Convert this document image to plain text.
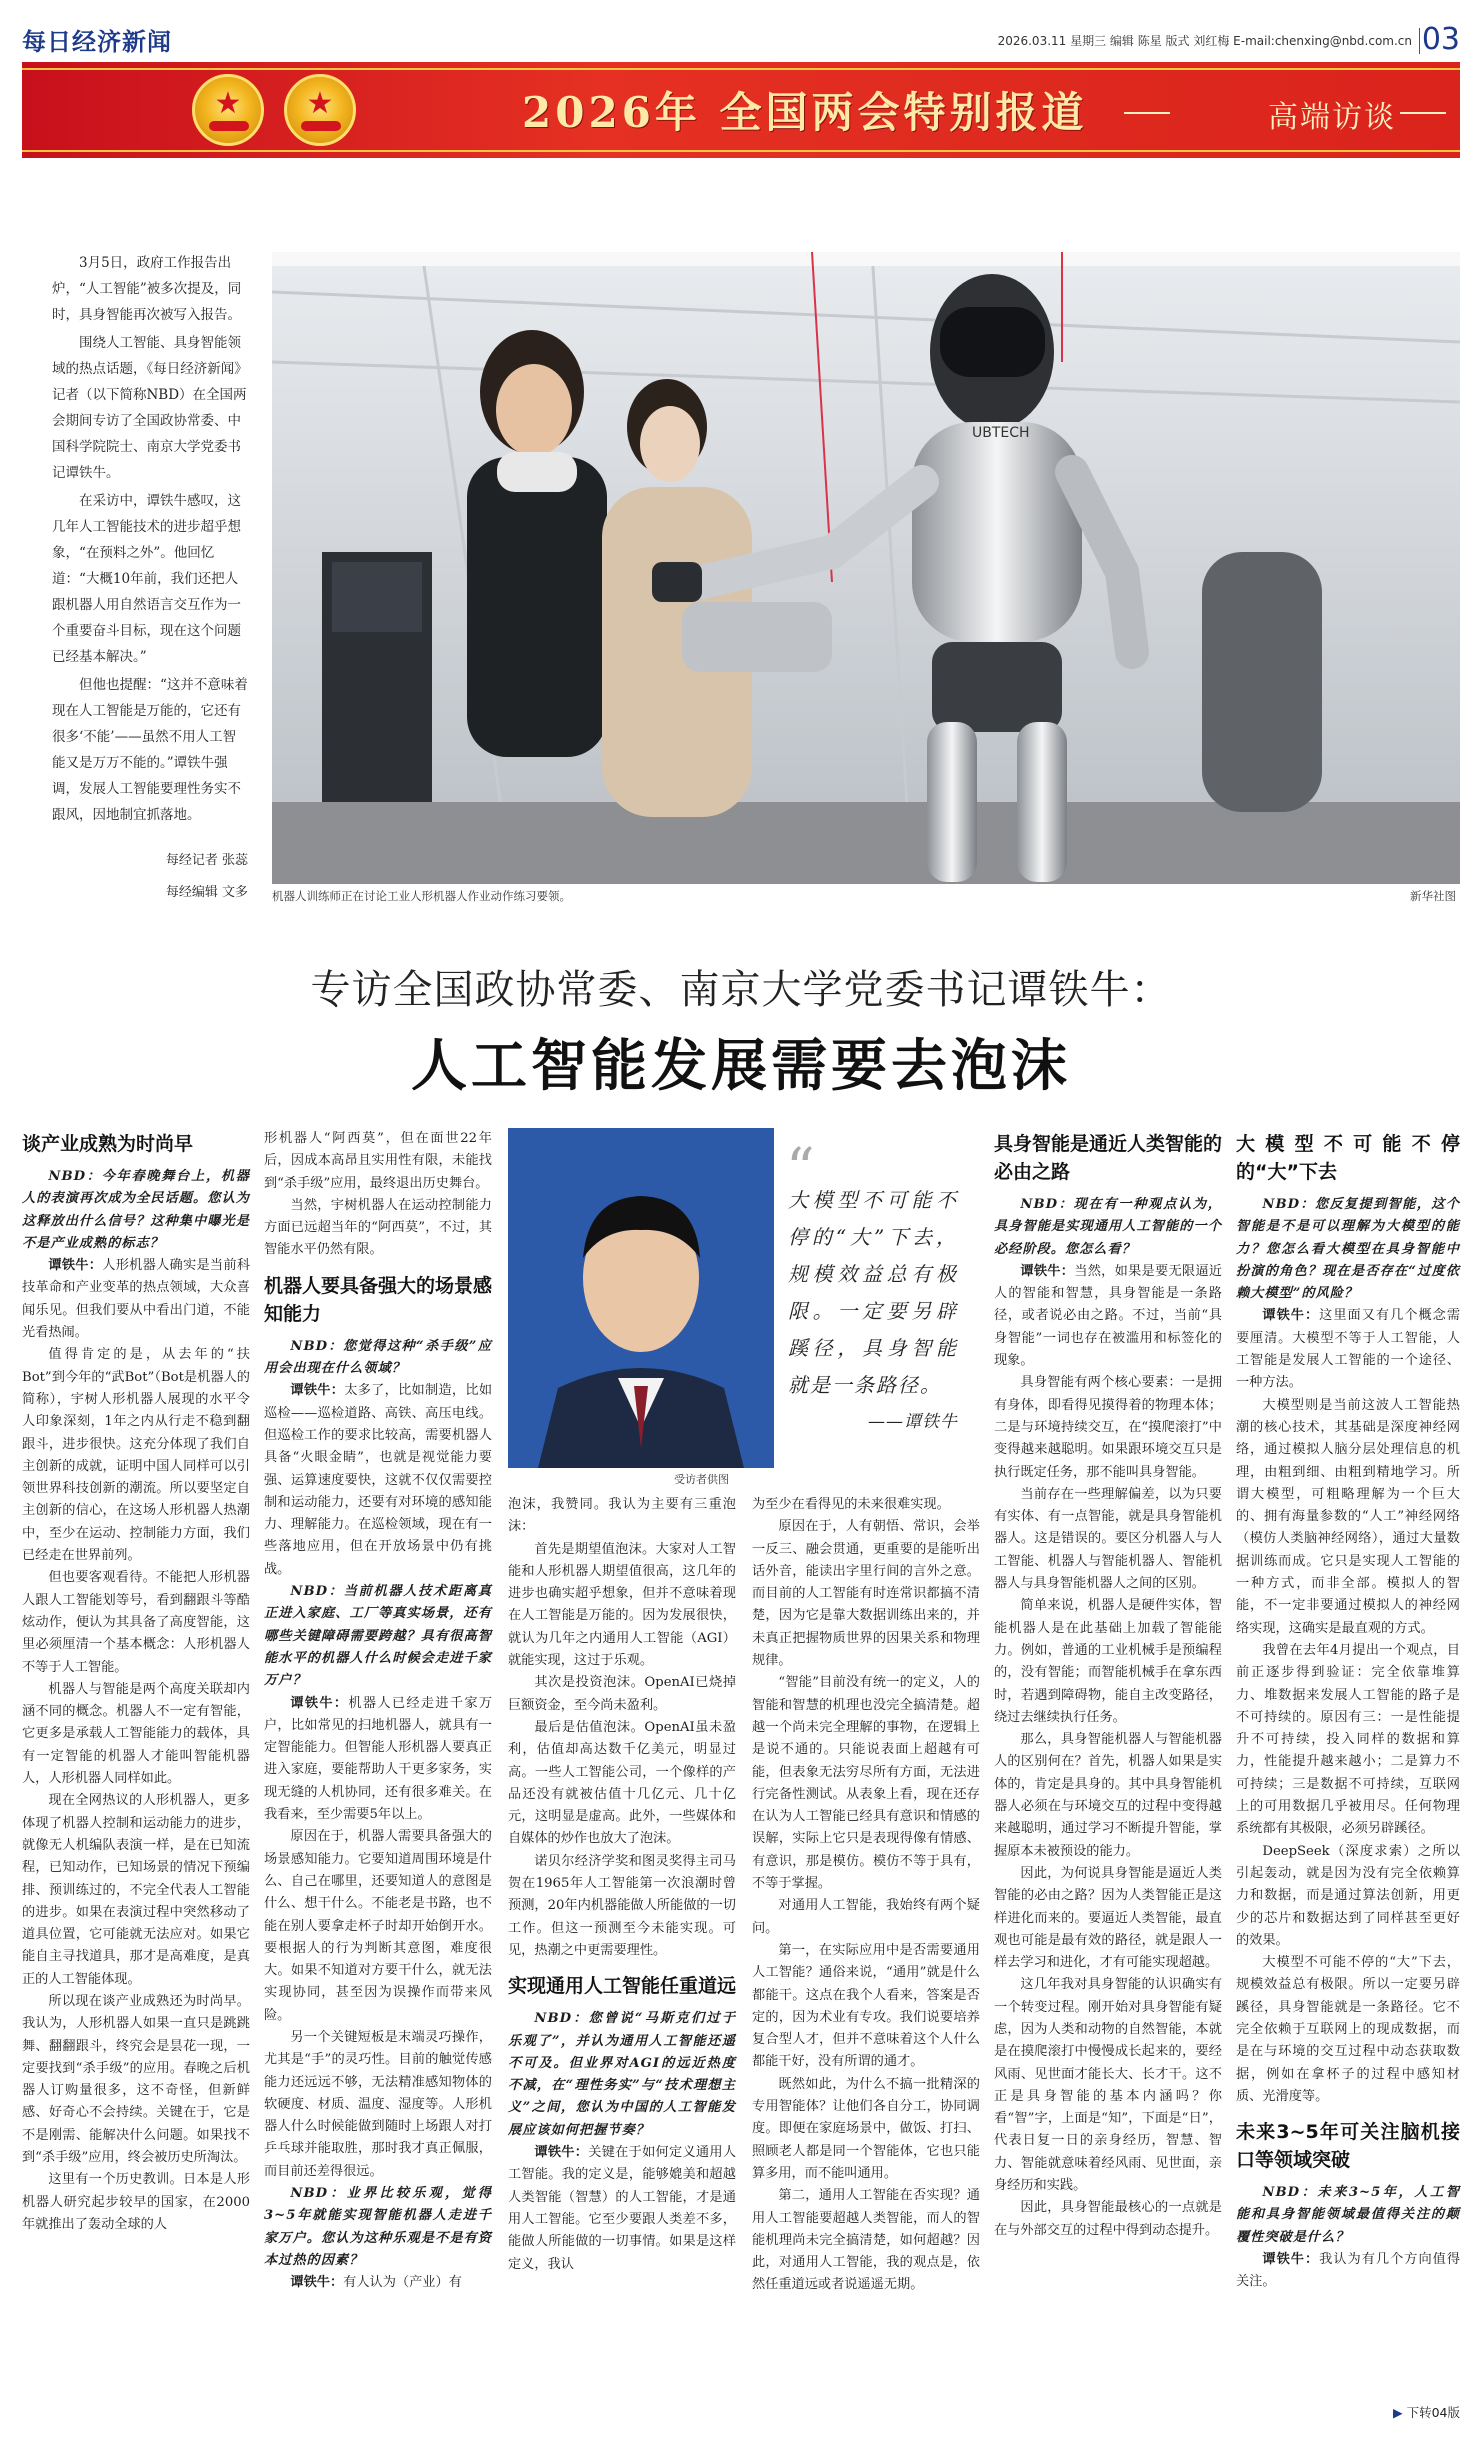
每日经济新闻	2026.03.11 星期三 编辑 陈星 版式 刘红梅 E-mail:chenxing@nbd.com.cn 03
★	★	2026年 全国两会特别报道	高端访谈

3月5日，政府工作报告出炉，“人工智能”被多次提及，同时，具身智能再次被写入报告。

围绕人工智能、具身智能领域的热点话题，《每日经济新闻》记者（以下简称NBD）在全国两会期间专访了全国政协常委、中国科学院院士、南京大学党委书记谭铁牛。

在采访中，谭铁牛感叹，这几年人工智能技术的进步超乎想象，“在预料之外”。他回忆道：“大概10年前，我们还把人跟机器人用自然语言交互作为一个重要奋斗目标，现在这个问题已经基本解决。”

但他也提醒：“这并不意味着现在人工智能是万能的，它还有很多‘不能’——虽然不用人工智能又是万万不能的。”谭铁牛强调，发展人工智能要理性务实不跟风，因地制宜抓落地。

每经记者 张蕊

每经编辑 文多

UBTECH
机器人训练师正在讨论工业人形机器人作业动作练习要领。	新华社图
专访全国政协常委、南京大学党委书记谭铁牛：
人工智能发展需要去泡沫
谈产业成熟为时尚早

NBD：今年春晚舞台上，机器人的表演再次成为全民话题。您认为这释放出什么信号？这种集中曝光是不是产业成熟的标志？

谭铁牛：人形机器人确实是当前科技革命和产业变革的热点领域，大众喜闻乐见。但我们要从中看出门道，不能光看热闹。

值得肯定的是，从去年的“扶Bot”到今年的“武Bot”（Bot是机器人的简称），宇树人形机器人展现的水平令人印象深刻，1年之内从行走不稳到翻跟斗，进步很快。这充分体现了我们自主创新的成就，证明中国人同样可以引领世界科技创新的潮流。所以要坚定自主创新的信心，在这场人形机器人热潮中，至少在运动、控制能力方面，我们已经走在世界前列。

但也要客观看待。不能把人形机器人跟人工智能划等号，看到翻跟斗等酷炫动作，便认为其具备了高度智能，这里必须厘清一个基本概念：人形机器人不等于人工智能。

机器人与智能是两个高度关联却内涵不同的概念。机器人不一定有智能，它更多是承载人工智能能力的载体，具有一定智能的机器人才能叫智能机器人，人形机器人同样如此。

现在全网热议的人形机器人，更多体现了机器人控制和运动能力的进步，就像无人机编队表演一样，是在已知流程，已知动作，已知场景的情况下预编排、预训练过的，不完全代表人工智能的进步。如果在表演过程中突然移动了道具位置，它可能就无法应对。如果它能自主寻找道具，那才是高难度，是真正的人工智能体现。

所以现在谈产业成熟还为时尚早。我认为，人形机器人如果一直只是跳跳舞、翻翻跟斗，终究会是昙花一现，一定要找到“杀手级”的应用。春晚之后机器人订购量很多，这不奇怪，但新鲜感、好奇心不会持续。关键在于，它是不是刚需、能解决什么问题。如果找不到“杀手级”应用，终会被历史所淘汰。

这里有一个历史教训。日本是人形机器人研究起步较早的国家，在2000年就推出了轰动全球的人

形机器人“阿西莫”，但在面世22年后，因成本高昂且实用性有限，未能找到“杀手级”应用，最终退出历史舞台。

当然，宇树机器人在运动控制能力方面已远超当年的“阿西莫”，不过，其智能水平仍然有限。

机器人要具备强大的场景感知能力

NBD：您觉得这种“杀手级”应用会出现在什么领域？

谭铁牛：太多了，比如制造，比如巡检——巡检道路、高铁、高压电线。但巡检工作的要求比较高，需要机器人具备“火眼金睛”，也就是视觉能力要强、运算速度要快，这就不仅仅需要控制和运动能力，还要有对环境的感知能力、理解能力。在巡检领域，现在有一些落地应用，但在开放场景中仍有挑战。

NBD：当前机器人技术距离真正进入家庭、工厂等真实场景，还有哪些关键障碍需要跨越？具有很高智能水平的机器人什么时候会走进千家万户？

谭铁牛：机器人已经走进千家万户，比如常见的扫地机器人，就具有一定智能能力。但智能人形机器人要真正进入家庭，要能帮助人干更多家务，实现无缝的人机协同，还有很多难关。在我看来，至少需要5年以上。

原因在于，机器人需要具备强大的场景感知能力。它要知道周围环境是什么、自己在哪里，还要知道人的意图是什么、想干什么。不能老是书路，也不能在别人要拿走杯子时却开始倒开水。要根据人的行为判断其意图，难度很大。如果不知道对方要干什么，就无法实现协同，甚至因为误操作而带来风险。

另一个关键短板是末端灵巧操作，尤其是“手”的灵巧性。目前的触觉传感能力还远远不够，无法精准感知物体的软硬度、材质、温度、湿度等。人形机器人什么时候能做到随时上场跟人对打乒乓球并能取胜，那时我才真正佩服，而目前还差得很远。

NBD：业界比较乐观，觉得3~5年就能实现智能机器人走进千家万户。您认为这种乐观是不是有资本过热的因素？

谭铁牛：有人认为（产业）有

受访者供图
“
大模型不可能不停的“大”下去，规模效益总有极限。一定要另辟蹊径，具身智能就是一条路径。
——谭铁牛

泡沫，我赞同。我认为主要有三重泡沫：

首先是期望值泡沫。大家对人工智能和人形机器人期望值很高，这几年的进步也确实超乎想象，但并不意味着现在人工智能是万能的。因为发展很快，就认为几年之内通用人工智能（AGI）就能实现，这过于乐观。

其次是投资泡沫。OpenAI已烧掉巨额资金，至今尚未盈利。

最后是估值泡沫。OpenAI虽未盈利，估值却高达数千亿美元，明显过高。一些人工智能公司，一个像样的产品还没有就被估值十几亿元、几十亿元，这明显是虚高。此外，一些媒体和自媒体的炒作也放大了泡沫。

诺贝尔经济学奖和图灵奖得主司马贺在1965年人工智能第一次浪潮时曾预测，20年内机器能做人所能做的一切工作。但这一预测至今未能实现。可见，热潮之中更需要理性。

实现通用人工智能任重道远

NBD：您曾说“马斯克们过于乐观了”，并认为通用人工智能还遥不可及。但业界对AGI的远近热度不减，在“理性务实”与“技术理想主义”之间，您认为中国的人工智能发展应该如何把握节奏？

谭铁牛：关键在于如何定义通用人工智能。我的定义是，能够媲美和超越人类智能（智慧）的人工智能，才是通用人工智能。它至少要跟人类差不多，能做人所能做的一切事情。如果是这样定义，我认

为至少在看得见的未来很难实现。

原因在于，人有朝悟、常识，会举一反三、融会贯通，更重要的是能听出话外音，能读出字里行间的言外之意。而目前的人工智能有时连常识都搞不清楚，因为它是靠大数据训练出来的，并未真正把握物质世界的因果关系和物理规律。

“智能”目前没有统一的定义，人的智能和智慧的机理也没完全搞清楚。超越一个尚未完全理解的事物，在逻辑上是说不通的。只能说表面上超越有可能，但表象无法穷尽所有方面，无法进行完备性测试。从表象上看，现在还存在认为人工智能已经具有意识和情感的误解，实际上它只是表现得像有情感、有意识，那是模仿。模仿不等于具有，不等于掌握。

对通用人工智能，我始终有两个疑问。

第一，在实际应用中是否需要通用人工智能？通俗来说，“通用”就是什么都能干。这点在我个人看来，答案是否定的，因为术业有专攻。我们说要培养复合型人才，但并不意味着这个人什么都能干好，没有所谓的通才。

既然如此，为什么不搞一批精深的专用智能体？让他们各自分工，协同调度。即便在家庭场景中，做饭、打扫、照顾老人都是同一个智能体，它也只能算多用，而不能叫通用。

第二，通用人工智能在否实现？通用人工智能要超越人类智能，而人的智能机理尚未完全搞清楚，如何超越？因此，对通用人工智能，我的观点是，依然任重道远或者说遥遥无期。

具身智能是通近人类智能的必由之路

NBD：现在有一种观点认为，具身智能是实现通用人工智能的一个必经阶段。您怎么看？

谭铁牛：当然，如果是要无限逼近人的智能和智慧，具身智能是一条路径，或者说必由之路。不过，当前“具身智能”一词也存在被滥用和标签化的现象。

具身智能有两个核心要素：一是拥有身体，即看得见摸得着的物理本体；二是与环境持续交互，在“摸爬滚打”中变得越来越聪明。如果跟环境交互只是执行既定任务，那不能叫具身智能。

当前存在一些理解偏差，以为只要有实体、有一点智能，就是具身智能机器人。这是错误的。要区分机器人与人工智能、机器人与智能机器人、智能机器人与具身智能机器人之间的区别。

简单来说，机器人是硬件实体，智能机器人是在此基础上加载了智能能力。例如，普通的工业机械手是预编程的，没有智能；而智能机械手在拿东西时，若遇到障碍物，能自主改变路径，绕过去继续执行任务。

那么，具身智能机器人与智能机器人的区别何在？首先，机器人如果是实体的，肯定是具身的。其中具身智能机器人必须在与环境交互的过程中变得越来越聪明，通过学习不断提升智能，掌握原本未被预设的能力。

因此，为何说具身智能是逼近人类智能的必由之路？因为人类智能正是这样进化而来的。要逼近人类智能，最直观也可能是最有效的路径，就是跟人一样去学习和进化，才有可能实现超越。

这几年我对具身智能的认识确实有一个转变过程。刚开始对具身智能有疑虑，因为人类和动物的自然智能，本就是在摸爬滚打中慢慢成长起来的，要经风雨、见世面才能长大、长才干。这不正是具身智能的基本内涵吗？你看“智”字，上面是“知”，下面是“日”，代表日复一日的亲身经历，智慧、智力、智能就意味着经风雨、见世面，亲身经历和实践。

因此，具身智能最核心的一点就是在与外部交互的过程中得到动态提升。

大模型不可能不停的“大”下去

NBD：您反复提到智能，这个智能是不是可以理解为大模型的能力？您怎么看大模型在具身智能中扮演的角色？现在是否存在“过度依赖大模型”的风险？

谭铁牛：这里面又有几个概念需要厘清。大模型不等于人工智能，人工智能是发展人工智能的一个途径、一种方法。

大模型则是当前这波人工智能热潮的核心技术，其基础是深度神经网络，通过模拟人脑分层处理信息的机理，由粗到细、由粗到精地学习。所谓大模型，可粗略理解为一个巨大的、拥有海量参数的“人工”神经网络（模仿人类脑神经网络），通过大量数据训练而成。它只是实现人工智能的一种方式，而非全部。模拟人的智能，不一定非要通过模拟人的神经网络实现，这确实是最直观的方式。

我曾在去年4月提出一个观点，目前正逐步得到验证：完全依靠堆算力、堆数据来发展人工智能的路子是不可持续的。原因有三：一是性能提升不可持续，投入同样的数据和算力，性能提升越来越小；二是算力不可持续；三是数据不可持续，互联网上的可用数据几乎被用尽。任何物理系统都有其极限，必须另辟蹊径。

DeepSeek（深度求索）之所以引起轰动，就是因为没有完全依赖算力和数据，而是通过算法创新，用更少的芯片和数据达到了同样甚至更好的效果。

大模型不可能不停的“大”下去，规模效益总有极限。所以一定要另辟蹊径，具身智能就是一条路径。它不完全依赖于互联网上的现成数据，而是在与环境的交互过程中动态获取数据，例如在拿杯子的过程中感知材质、光滑度等。

未来3~5年可关注脑机接口等领域突破

NBD：未来3~5年，人工智能和具身智能领域最值得关注的颠覆性突破是什么？

谭铁牛：我认为有几个方向值得关注。

▶ 下转04版
